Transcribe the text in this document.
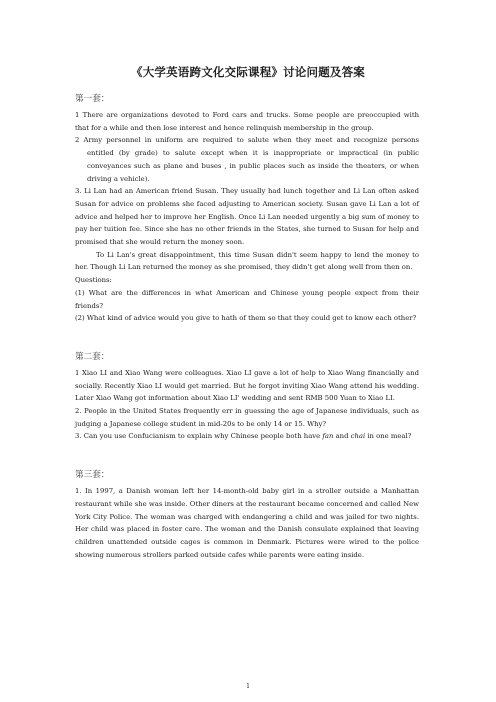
《大学英语跨文化交际课程》讨论问题及答案

第一套：

1 There are organizations devoted to Ford cars and trucks. Some people are preoccupied with that for a while and then lose interest and hence relinquish membership in the group.

2 Army personnel in uniform are required to salute when they meet and recognize persons entitled (by grade) to salute except when it is inappropriate or impractical (in public conveyances such as plane and buses , in public places such as inside the theaters, or when driving a vehicle).

3. Li Lan had an American friend Susan. They usually had lunch together and Li Lan often asked Susan for advice on problems she faced adjusting to American society. Susan gave Li Lan a lot of advice and helped her to improve her English. Once Li Lan needed urgently a big sum of money to pay her tuition fee. Since she has no other friends in the States, she turned to Susan for help and promised that she would return the money soon.

To Li Lan's great disappointment, this time Susan didn't seem happy to lend the money to her. Though Li Lan returned the money as she promised, they didn't get along well from then on.

Questions:

(1) What are the differences in what American and Chinese young people expect from their friends?

(2) What kind of advice would you give to hath of them so that they could get to know each other?

第二套：

1 Xiao LI and Xiao Wang were colleagues. Xiao LI gave a lot of help to Xiao Wang financially and socially. Recently Xiao LI would get married. But he forgot inviting Xiao Wang attend his wedding. Later Xiao Wang got information about Xiao LI' wedding and sent RMB 500 Yuan to Xiao LI.

2. People in the United States frequently err in guessing the age of Japanese individuals, such as judging a Japanese college student in mid-20s to be only 14 or 15. Why?

3. Can you use Confucianism to explain why Chinese people both have fan and chai in one meal?

第三套：

1. In 1997, a Danish woman left her 14-month-old baby girl in a stroller outside a Manhattan restaurant while she was inside. Other diners at the restaurant became concerned and called New York City Police. The woman was charged with endangering a child and was jailed for two nights. Her child was placed in foster care. The woman and the Danish consulate explained that leaving children unattended outside cages is common in Denmark. Pictures were wired to the police showing numerous strollers parked outside cafes while parents were eating inside.

1
